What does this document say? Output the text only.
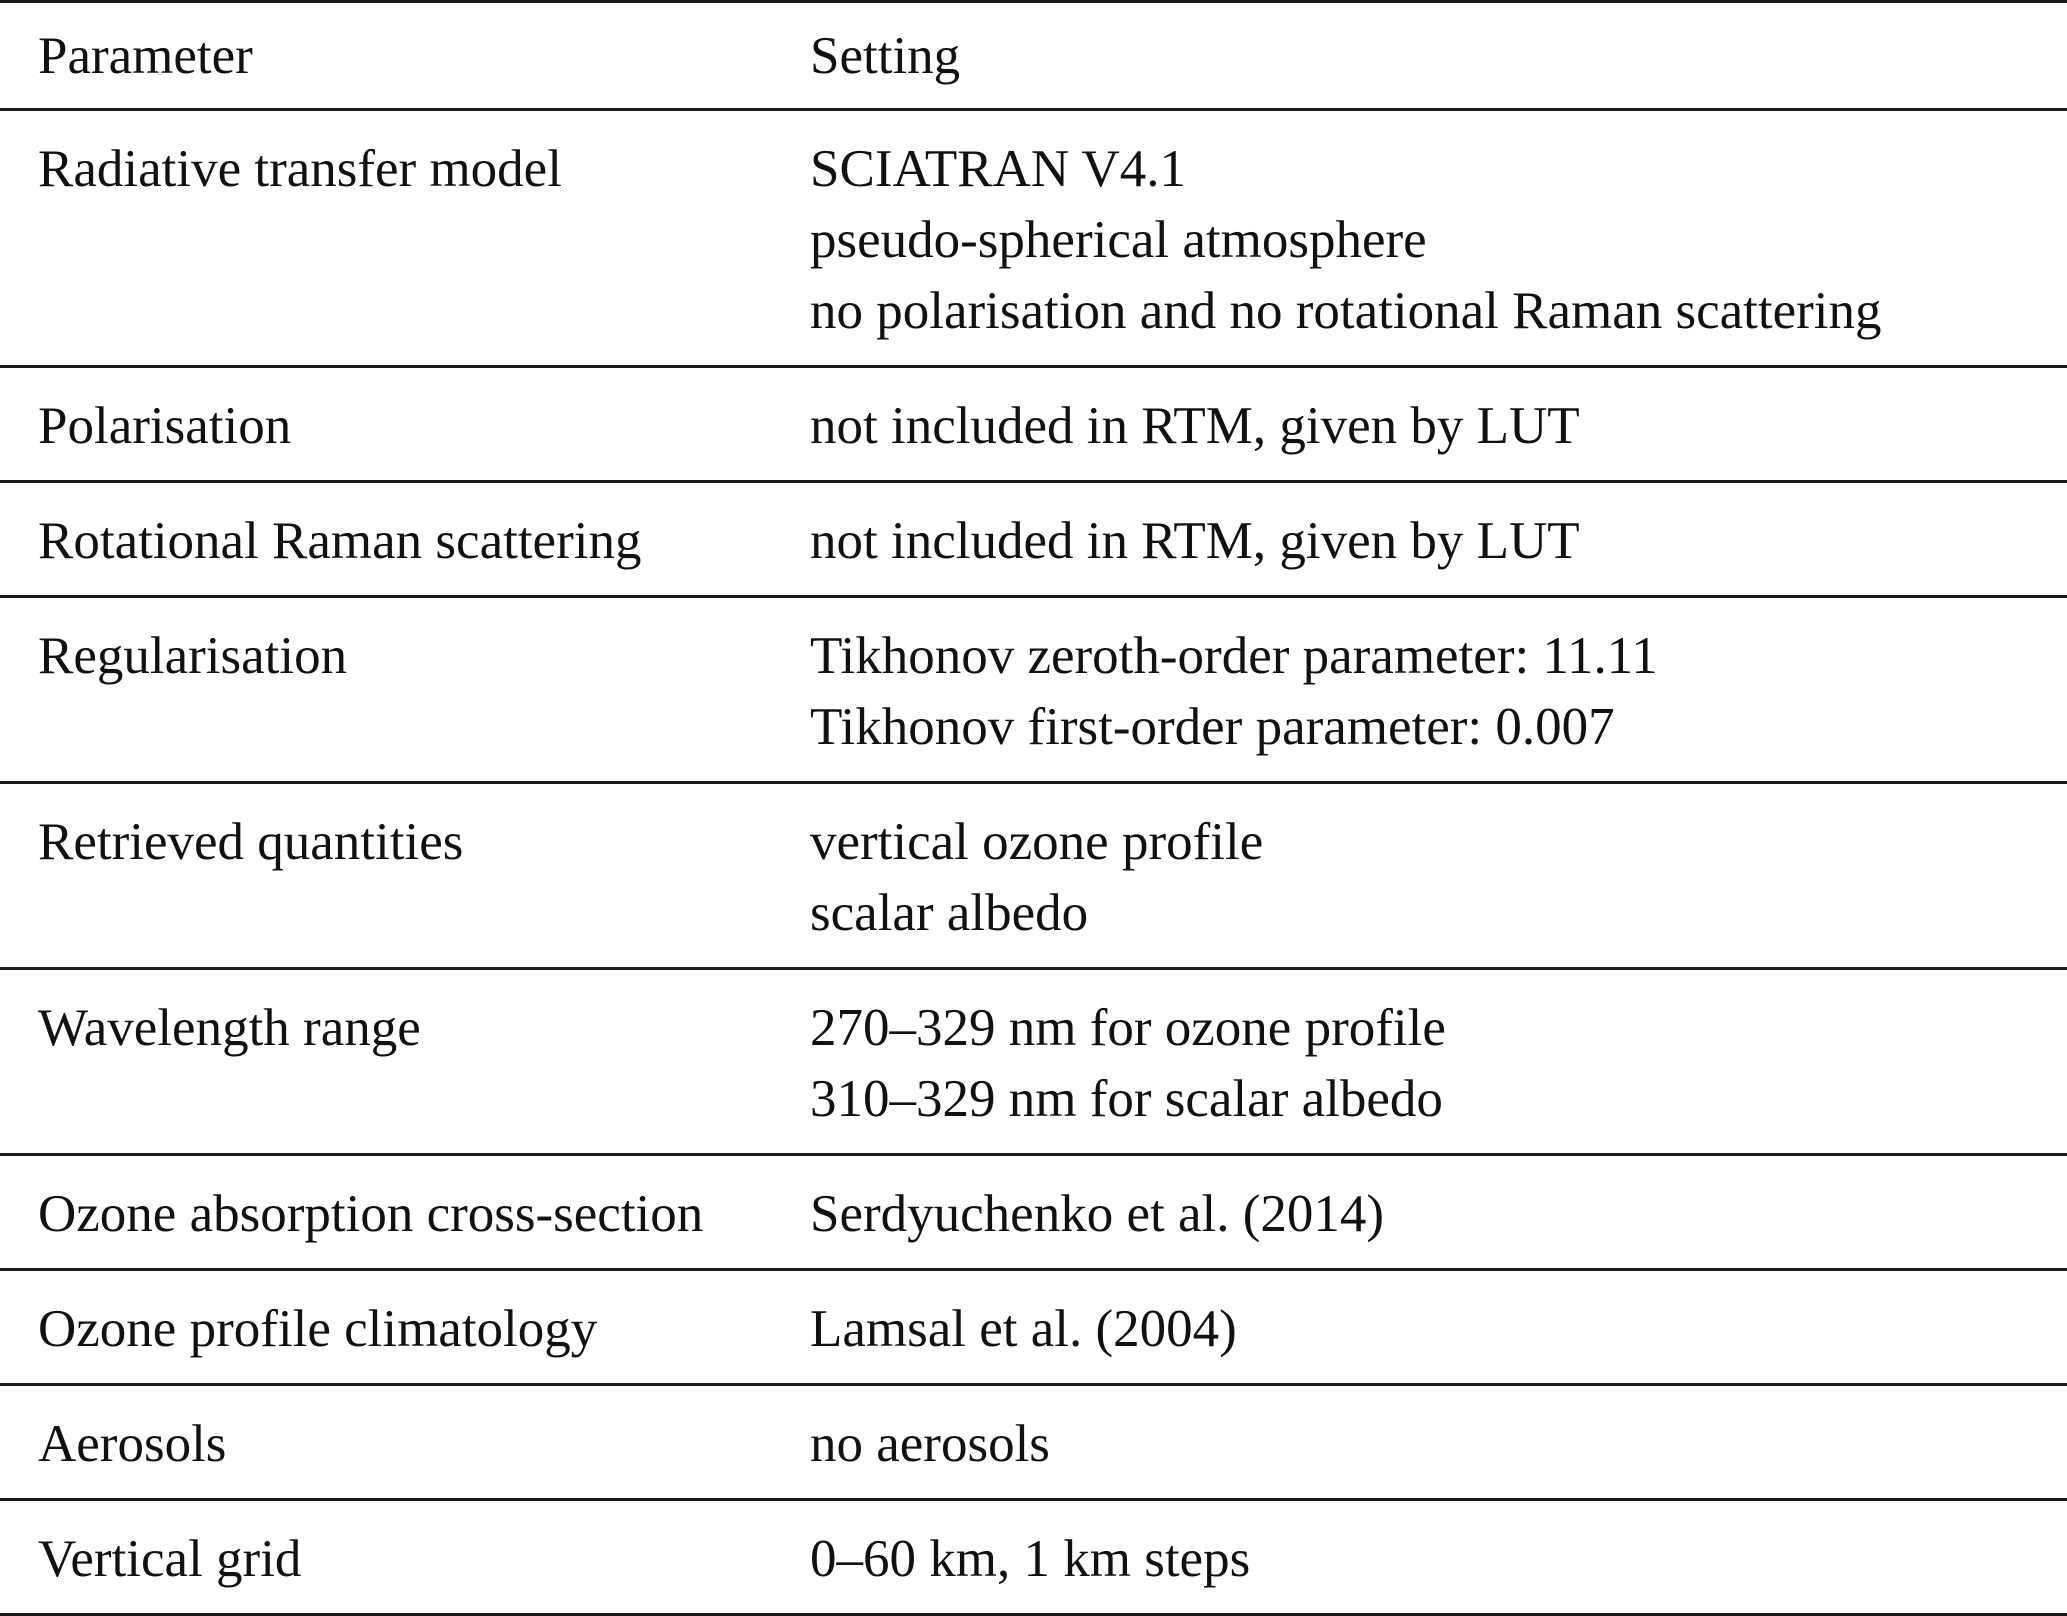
Parameter	Setting
Radiative transfer model	SCIATRAN V4.1
pseudo-spherical atmosphere
no polarisation and no rotational Raman scattering
Polarisation	not included in RTM, given by LUT
Rotational Raman scattering	not included in RTM, given by LUT
Regularisation	Tikhonov zeroth-order parameter: 11.11
Tikhonov first-order parameter: 0.007
Retrieved quantities	vertical ozone profile
scalar albedo
Wavelength range	270–329 nm for ozone profile
310–329 nm for scalar albedo
Ozone absorption cross-section	Serdyuchenko et al. (2014)
Ozone profile climatology	Lamsal et al. (2004)
Aerosols	no aerosols
Vertical grid	0–60 km, 1 km steps
